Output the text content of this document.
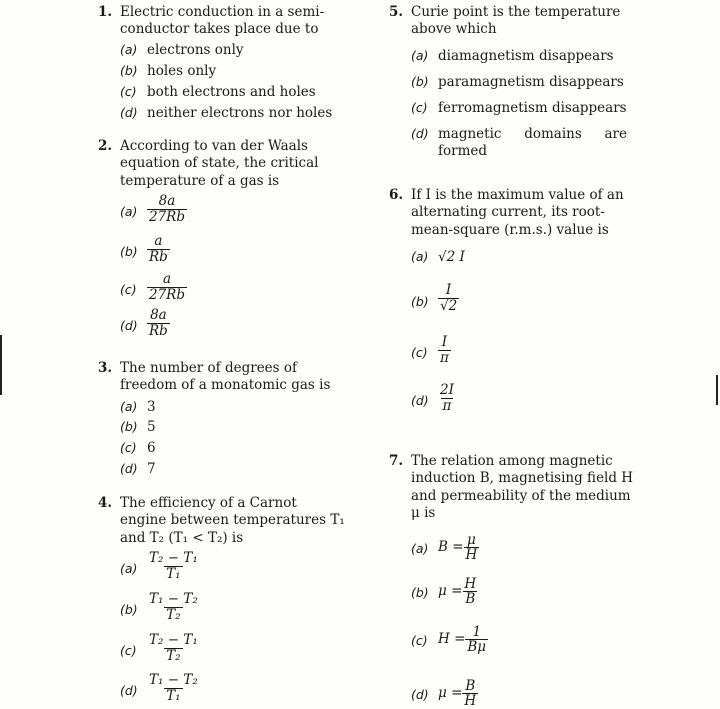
1. Electric conduction in a semi-
conductor takes place due to
(a) electrons only
(b) holes only
(c) both electrons and holes
(d) neither electrons nor holes
2. According to van der Waals
equation of state, the critical
temperature of a gas is
$(a) \frac{8a}{27Rb}$
$(b) \frac{a}{Rb}$
$(c) \frac{a}{27Rb}$
$(d) \frac{8a}{Rb}$
3. The number of degrees of
freedom of a monatomic gas is
(a) 3
(b) 5
(c) 6
(d) 7
4. The efficiency of a Carnot
engine between temperatures T₁
and T₂ (T₁ < T₂) is
$(a) \frac{\text{T₂ − T₁}}{\text{T₁}}$
$(b) \frac{\text{T₁ − T₂}}{\text{T₂}}$
$(c) \frac{\text{T₂ − T₁}}{\text{T₂}}$
$(d) \frac{\text{T₁ − T₂}}{\text{T₁}}$
5. Curie point is the temperature
above which
(a) diamagnetism disappears
(b) paramagnetism disappears
(c) ferromagnetism disappears
(d) magnetic domains are
formed
6. If I is the maximum value of an
alternating current, its root-
mean-square (r.m.s.) value is
(a) √2 I
$(b) \frac{I}{√2}$
$(c) \frac{I}{\pi}$
$(d) \frac{2I}{\pi}$
7. The relation among magnetic
induction B, magnetising field H
and permeability of the medium
μ is
(a) $B = \frac{\mu}{H}$
(b) $\mu = \frac{H}{B}$
(c) $H = \frac{1}{B\mu}$
(d) $\mu = \frac{B}{H}$
